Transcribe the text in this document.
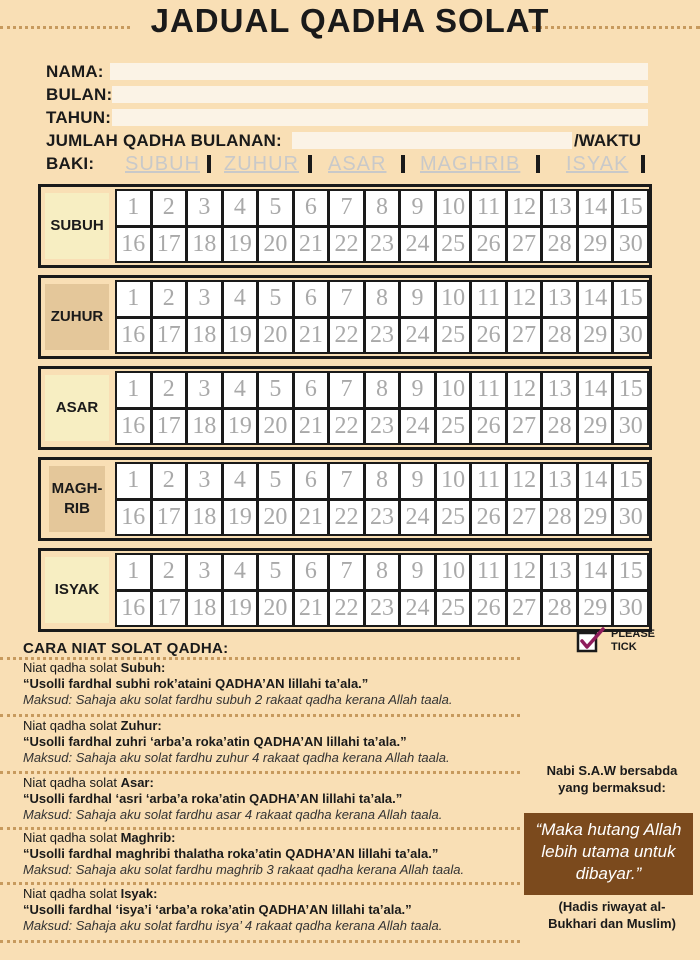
JADUAL QADHA SOLAT
NAMA:
BULAN:
TAHUN:
JUMLAH QADHA BULANAN:	/WAKTU
BAKI: SUBUH ZUHUR ASAR MAGHRIB ISYAK
SUBUH
1 2 3 4 5 6 7 8 9 10 11 12 13 14 15
16 17 18 19 20 21 22 23 24 25 26 27 28 29 30
ZUHUR
1 2 3 4 5 6 7 8 9 10 11 12 13 14 15
16 17 18 19 20 21 22 23 24 25 26 27 28 29 30
ASAR
1 2 3 4 5 6 7 8 9 10 11 12 13 14 15
16 17 18 19 20 21 22 23 24 25 26 27 28 29 30
MAGH-RIB
1 2 3 4 5 6 7 8 9 10 11 12 13 14 15
16 17 18 19 20 21 22 23 24 25 26 27 28 29 30
ISYAK
1 2 3 4 5 6 7 8 9 10 11 12 13 14 15
16 17 18 19 20 21 22 23 24 25 26 27 28 29 30
PLEASE TICK
CARA NIAT SOLAT QADHA:
Niat qadha solat Subuh:
“Usolli fardhal subhi rok’ataini QADHA’AN lillahi ta’ala.”
Maksud: Sahaja aku solat fardhu subuh 2 rakaat qadha kerana Allah taala.
Niat qadha solat Zuhur:
“Usolli fardhal zuhri ‘arba’a roka’atin QADHA’AN lillahi ta’ala.”
Maksud: Sahaja aku solat fardhu zuhur 4 rakaat qadha kerana Allah taala.
Niat qadha solat Asar:
“Usolli fardhal ‘asri ‘arba’a roka’atin QADHA’AN lillahi ta’ala.”
Maksud: Sahaja aku solat fardhu asar 4 rakaat qadha kerana Allah taala.
Niat qadha solat Maghrib:
“Usolli fardhal maghribi thalatha roka’atin QADHA’AN lillahi ta’ala.”
Maksud: Sahaja aku solat fardhu maghrib 3 rakaat qadha kerana Allah taala.
Niat qadha solat Isyak:
“Usolli fardhal ‘isya’i ‘arba’a roka’atin QADHA’AN lillahi ta’ala.”
Maksud: Sahaja aku solat fardhu isya’ 4 rakaat qadha kerana Allah taala.
Nabi S.A.W bersabda yang bermaksud:
“Maka hutang Allah lebih utama untuk dibayar.”
(Hadis riwayat al-Bukhari dan Muslim)
